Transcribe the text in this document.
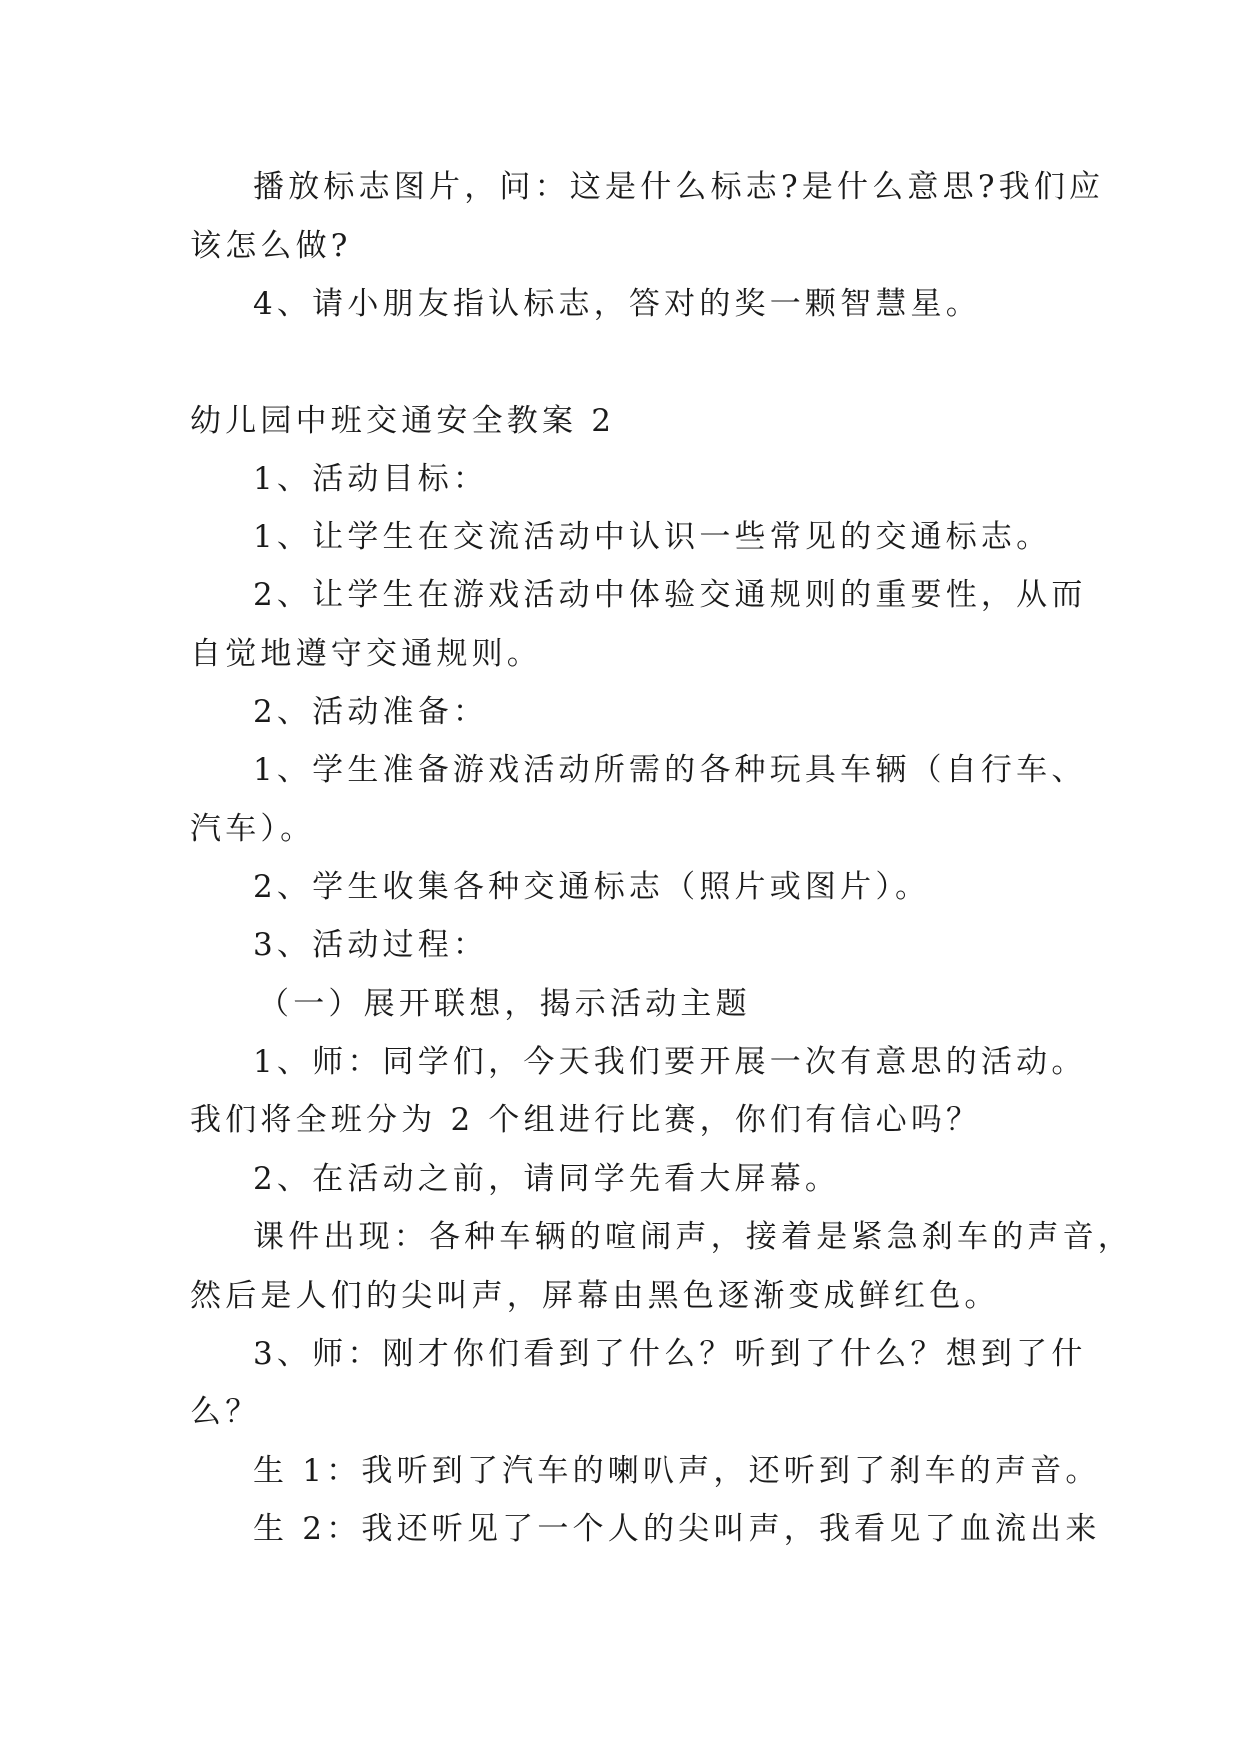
播放标志图片，问：这是什么标志?是什么意思?我们应
该怎么做?
4、请小朋友指认标志，答对的奖一颗智慧星。
幼儿园中班交通安全教案 2
1、活动目标：
1、让学生在交流活动中认识一些常见的交通标志。
2、让学生在游戏活动中体验交通规则的重要性，从而
自觉地遵守交通规则。
2、活动准备：
1、学生准备游戏活动所需的各种玩具车辆（自行车、
汽车）。
2、学生收集各种交通标志（照片或图片）。
3、活动过程：
（一）展开联想，揭示活动主题
1、师：同学们，今天我们要开展一次有意思的活动。
我们将全班分为 2 个组进行比赛，你们有信心吗？
2、在活动之前，请同学先看大屏幕。
课件出现：各种车辆的喧闹声，接着是紧急刹车的声音，
然后是人们的尖叫声，屏幕由黑色逐渐变成鲜红色。
3、师：刚才你们看到了什么？听到了什么？想到了什
么？
生 1：我听到了汽车的喇叭声，还听到了刹车的声音。
生 2：我还听见了一个人的尖叫声，我看见了血流出来
